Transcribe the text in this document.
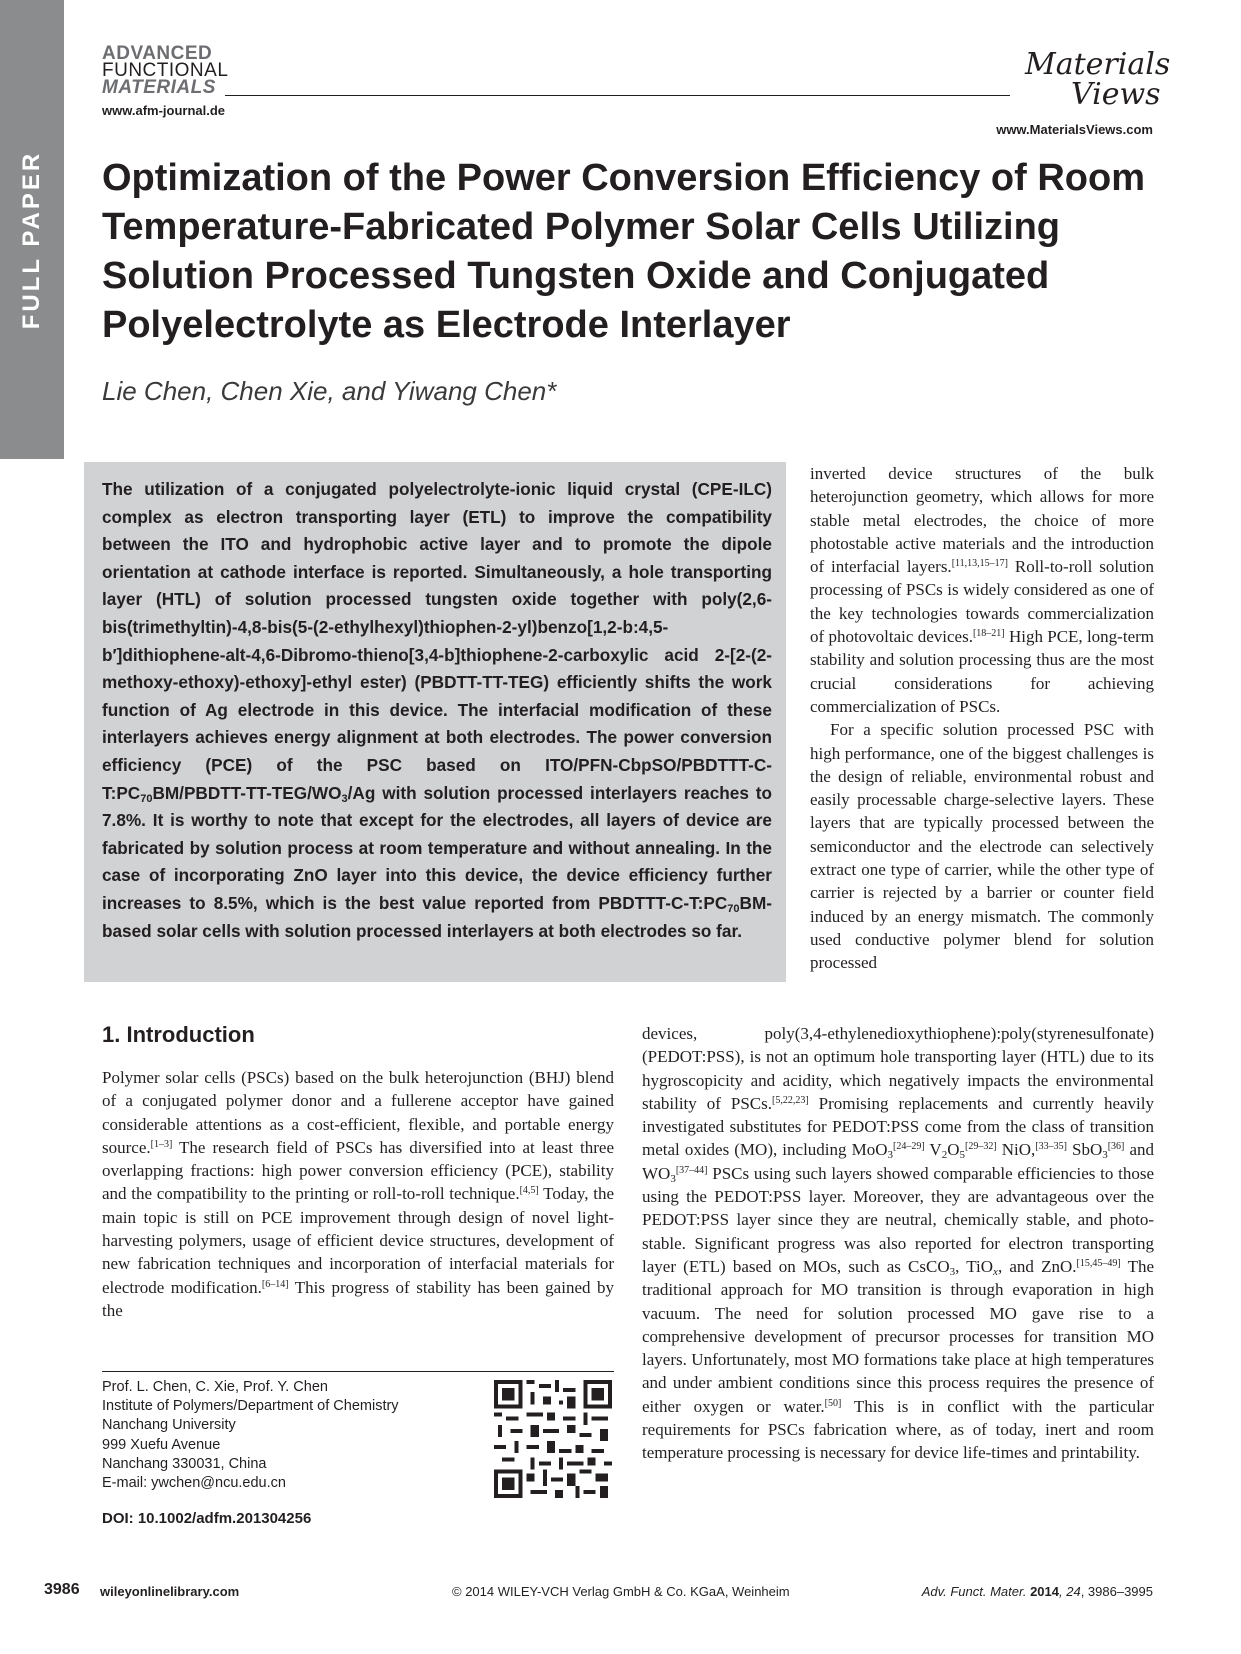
FULL PAPER
ADVANCED
FUNCTIONAL
MATERIALS
www.afm-journal.de
Materials
Views
www.MaterialsViews.com
Optimization of the Power Conversion Efficiency of Room Temperature-Fabricated Polymer Solar Cells Utilizing Solution Processed Tungsten Oxide and Conjugated Polyelectrolyte as Electrode Interlayer
Lie Chen, Chen Xie, and Yiwang Chen*
The utilization of a conjugated polyelectrolyte-ionic liquid crystal (CPE-ILC) complex as electron transporting layer (ETL) to improve the compatibility between the ITO and hydrophobic active layer and to promote the dipole orientation at cathode interface is reported. Simultaneously, a hole transporting layer (HTL) of solution processed tungsten oxide together with poly(2,6-bis(trimethyltin)-4,8-bis(5-(2-ethylhexyl)thiophen-2-yl)benzo[1,2-b:4,5-b′]dithiophene-alt-4,6-Dibromo-thieno[3,4-b]thiophene-2-carboxylic acid 2-[2-(2-methoxy-ethoxy)-ethoxy]-ethyl ester) (PBDTT-TT-TEG) efficiently shifts the work function of Ag electrode in this device. The interfacial modification of these interlayers achieves energy alignment at both electrodes. The power conversion efficiency (PCE) of the PSC based on ITO/$PFN-CbpSO/PBDTTT-C-T:PC_{70}BM/PBDTT-TT-TEG/WO_3/Ag$ with solution processed interlayers reaches to 7.8%. It is worthy to note that except for the electrodes, all layers of device are fabricated by solution process at room temperature and without annealing. In the case of incorporating ZnO layer into this device, the device efficiency further increases to 8.5%, which is the best value reported from PBDTTT-$C-T:PC_{70}BM$-based solar cells with solution processed interlayers at both electrodes so far.
inverted device structures of the bulk heterojunction geometry, which allows for more stable metal electrodes, the choice of more photostable active materials and the introduction of interfacial layers.[11,13,15–17] Roll-to-roll solution processing of PSCs is widely considered as one of the key technologies towards commercialization of photovoltaic devices.[18–21] High PCE, long-term stability and solution processing thus are the most crucial considerations for achieving commercialization of PSCs.
For a specific solution processed PSC with high performance, one of the biggest challenges is the design of reliable, environmental robust and easily processable charge-selective layers. These layers that are typically processed between the semiconductor and the electrode can selectively extract one type of carrier, while the other type of carrier is rejected by a barrier or counter field induced by an energy mismatch. The commonly used conductive polymer blend for solution processed
devices, poly(3,4-ethylenedioxythiophene):poly(styrenesulfonate) (PEDOT:PSS), is not an optimum hole transporting layer (HTL) due to its hygroscopicity and acidity, which negatively impacts the environmental stability of PSCs.[5,22,23] Promising replacements and currently heavily investigated substitutes for PEDOT:PSS come from the class of transition metal oxides (MO), including MoO$_3$[24–29] $V_2O_5[29-32]$ NiO,[33–35] SbO$_3$[36] and $WO_3[37-44]$ PSCs using such layers showed comparable efficiencies to those using the PEDOT:PSS layer. Moreover, they are advantageous over the PEDOT:PSS layer since they are neutral, chemically stable, and photo-stable. Significant progress was also reported for electron transporting layer (ETL) based on MOs, such as CsCO$_3$, TiO$_x$, and ZnO.[15,45–49] The traditional approach for MO transition is through evaporation in high vacuum. The need for solution processed MO gave rise to a comprehensive development of precursor processes for transition MO layers. Unfortunately, most MO formations take place at high temperatures and under ambient conditions since this process requires the presence of either oxygen or water.[50] This is in conflict with the particular requirements for PSCs fabrication where, as of today, inert and room temperature processing is necessary for device life-times and printability.
1. Introduction
Polymer solar cells (PSCs) based on the bulk heterojunction (BHJ) blend of a conjugated polymer donor and a fullerene acceptor have gained considerable attentions as a cost-efficient, flexible, and portable energy source.[1–3] The research field of PSCs has diversified into at least three overlapping fractions: high power conversion efficiency (PCE), stability and the compatibility to the printing or roll-to-roll technique.[4,5] Today, the main topic is still on PCE improvement through design of novel light-harvesting polymers, usage of efficient device structures, development of new fabrication techniques and incorporation of interfacial materials for electrode modification.[6–14] This progress of stability has been gained by the
Prof. L. Chen, C. Xie, Prof. Y. Chen
Institute of Polymers/Department of Chemistry
Nanchang University
999 Xuefu Avenue
Nanchang 330031, China
E-mail: ywchen@ncu.edu.cn
DOI: 10.1002/adfm.201304256
3986 wileyonlinelibrary.com	© 2014 WILEY-VCH Verlag GmbH & Co. KGaA, Weinheim	Adv. Funct. Mater. 2014, 24, 3986–3995
